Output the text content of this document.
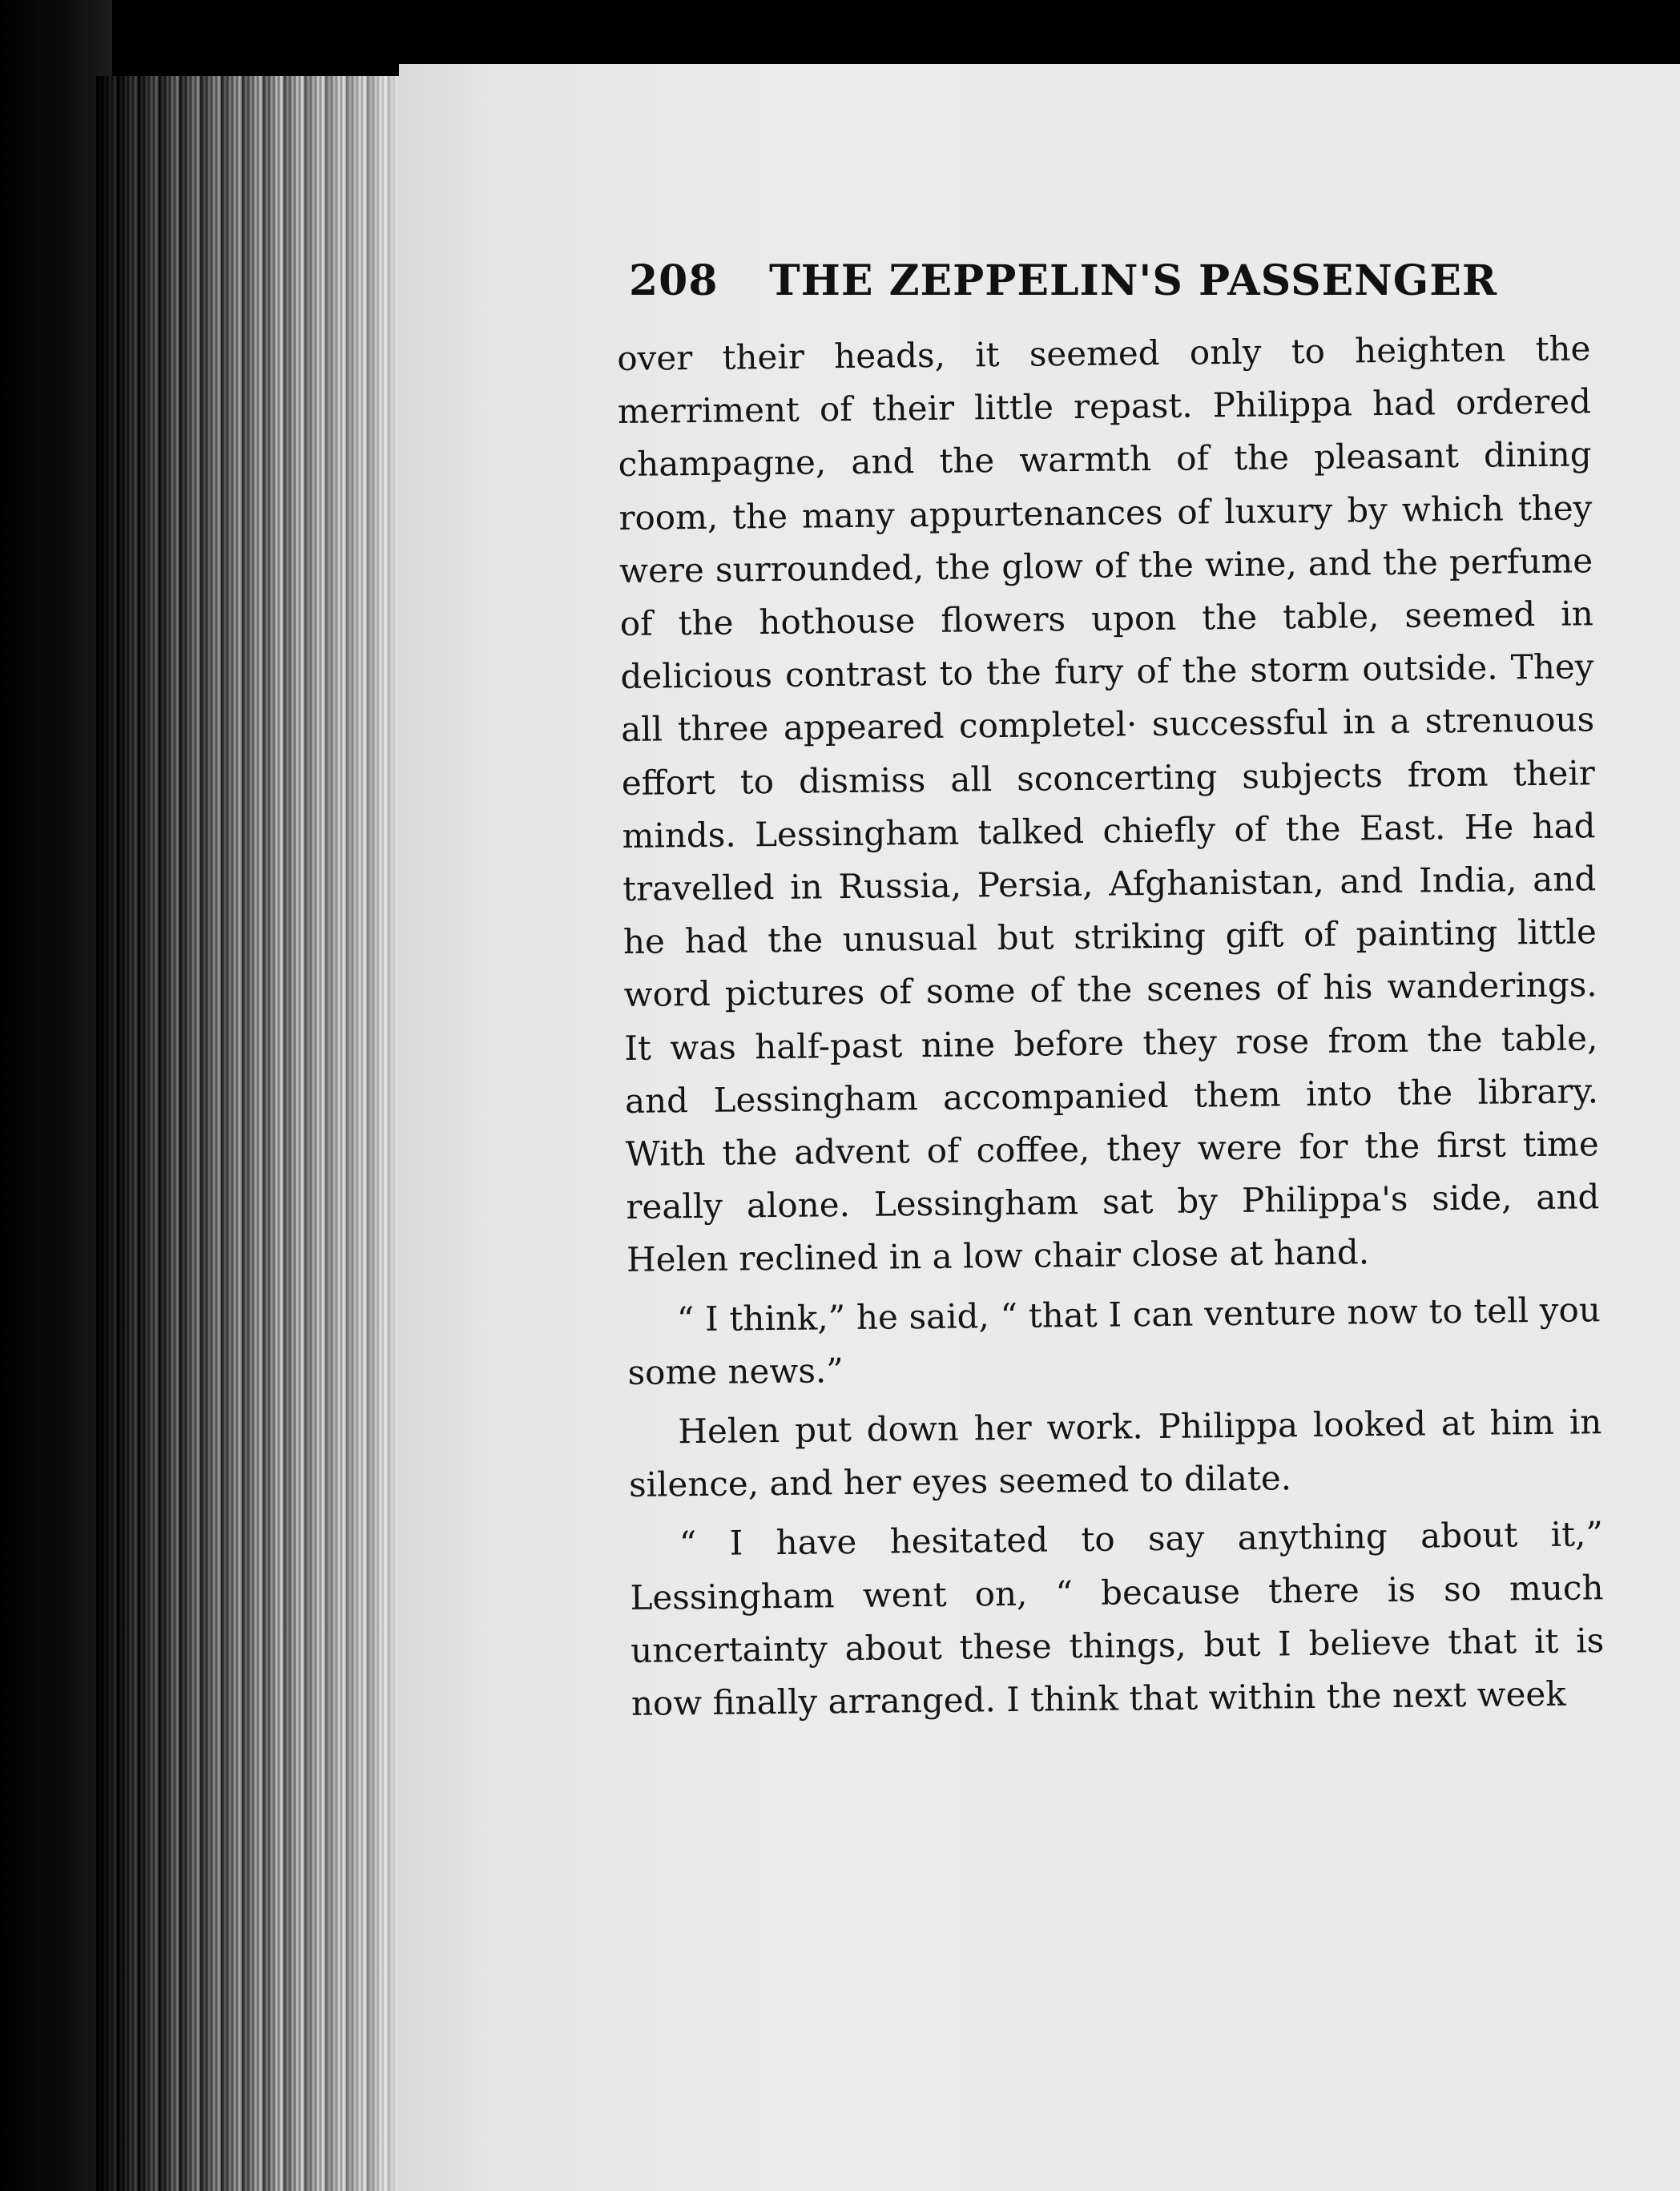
208 THE ZEPPELIN'S PASSENGER

over their heads, it seemed only to heighten the merriment of their little repast. Philippa had ordered champagne, and the warmth of the pleasant dining room, the many appurtenances of luxury by which they were surrounded, the glow of the wine, and the perfume of the hothouse flowers upon the table, seemed in delicious contrast to the fury of the storm outside. They all three appeared completel· successful in a strenuous effort to dismiss all sconcerting subjects from their minds. Lessingham talked chiefly of the East. He had travelled in Russia, Persia, Afghanistan, and India, and he had the unusual but striking gift of painting little word pictures of some of the scenes of his wanderings. It was half-past nine before they rose from the table, and Lessingham accompanied them into the library. With the advent of coffee, they were for the first time really alone. Lessingham sat by Philippa's side, and Helen reclined in a low chair close at hand.

“ I think,” he said, “ that I can venture now to tell you some news.”

Helen put down her work. Philippa looked at him in silence, and her eyes seemed to dilate.

“ I have hesitated to say anything about it,” Lessingham went on, “ because there is so much uncertainty about these things, but I believe that it is now finally arranged. I think that within the next week
